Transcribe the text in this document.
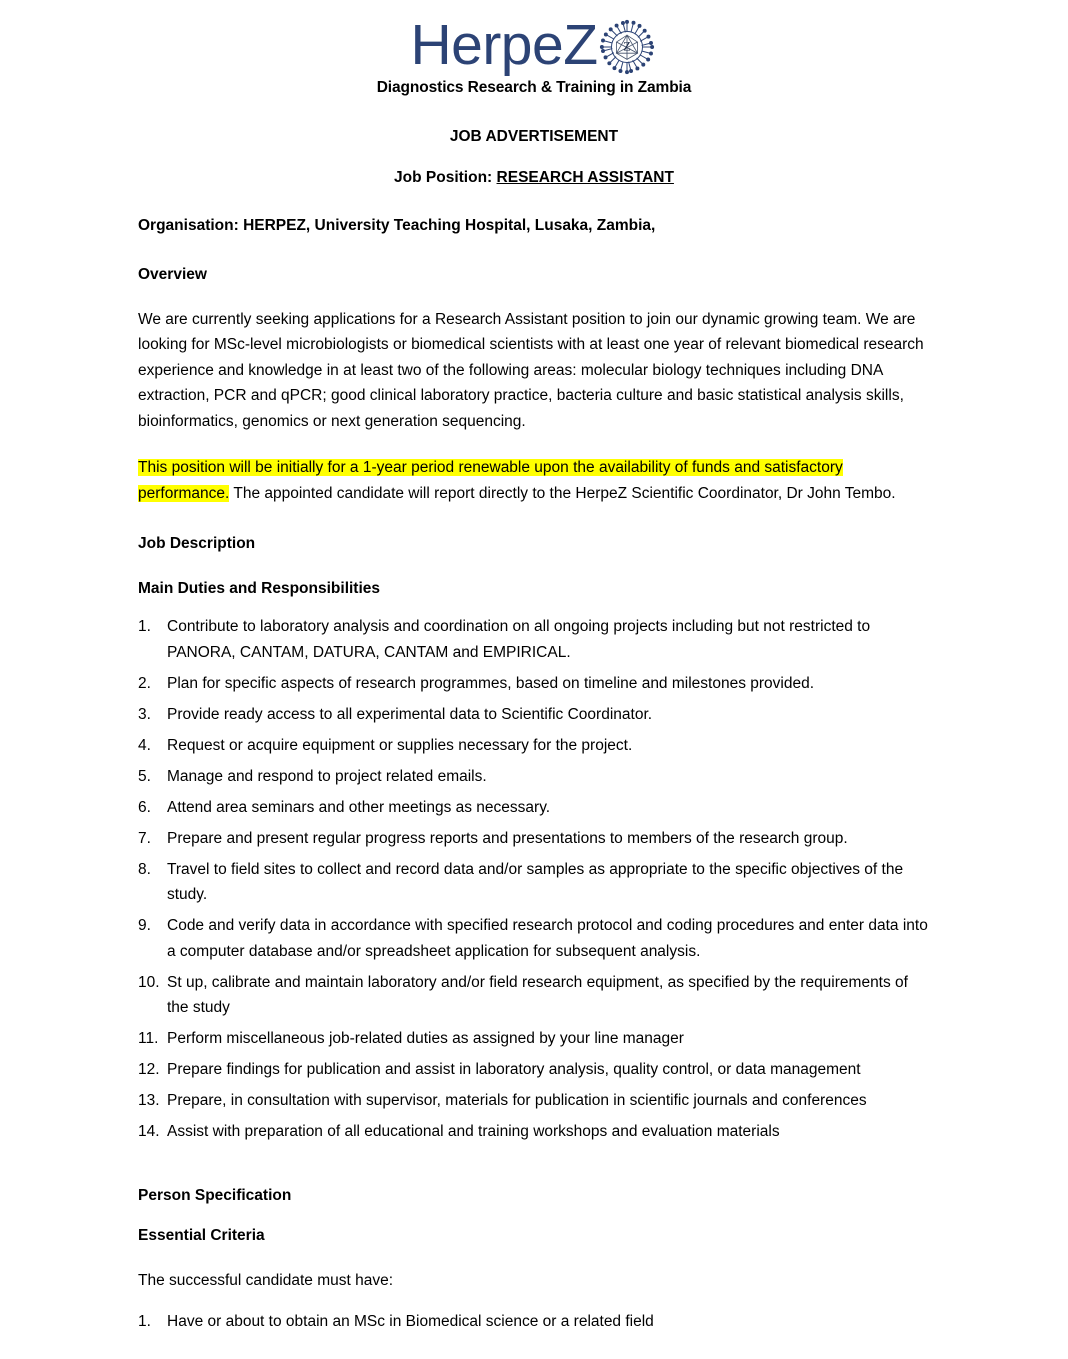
HerpeZ Z
Diagnostics Research & Training in Zambia
JOB ADVERTISEMENT
Job Position: RESEARCH ASSISTANT
Organisation: HERPEZ, University Teaching Hospital, Lusaka, Zambia,
Overview

We are currently seeking applications for a Research Assistant position to join our dynamic growing team. We are looking for MSc-level microbiologists or biomedical scientists with at least one year of relevant biomedical research experience and knowledge in at least two of the following areas: molecular biology techniques including DNA extraction, PCR and qPCR; good clinical laboratory practice, bacteria culture and basic statistical analysis skills, bioinformatics, genomics or next generation sequencing.

This position will be initially for a 1-year period renewable upon the availability of funds and satisfactory performance. The appointed candidate will report directly to the HerpeZ Scientific Coordinator, Dr John Tembo.

Job Description
Main Duties and Responsibilities
1.	Contribute to laboratory analysis and coordination on all ongoing projects including but not restricted to PANORA, CANTAM, DATURA, CANTAM and EMPIRICAL.
2.	Plan for specific aspects of research programmes, based on timeline and milestones provided.
3.	Provide ready access to all experimental data to Scientific Coordinator.
4.	Request or acquire equipment or supplies necessary for the project.
5.	Manage and respond to project related emails.
6.	Attend area seminars and other meetings as necessary.
7.	Prepare and present regular progress reports and presentations to members of the research group.
8.	Travel to field sites to collect and record data and/or samples as appropriate to the specific objectives of the study.
9.	Code and verify data in accordance with specified research protocol and coding procedures and enter data into a computer database and/or spreadsheet application for subsequent analysis.
10. St up, calibrate and maintain laboratory and/or field research equipment, as specified by the requirements of the study
11. Perform miscellaneous job-related duties as assigned by your line manager
12. Prepare findings for publication and assist in laboratory analysis, quality control, or data management
13. Prepare, in consultation with supervisor, materials for publication in scientific journals and conferences
14. Assist with preparation of all educational and training workshops and evaluation materials
Person Specification
Essential Criteria

The successful candidate must have:

1.	Have or about to obtain an MSc in Biomedical science or a related field
